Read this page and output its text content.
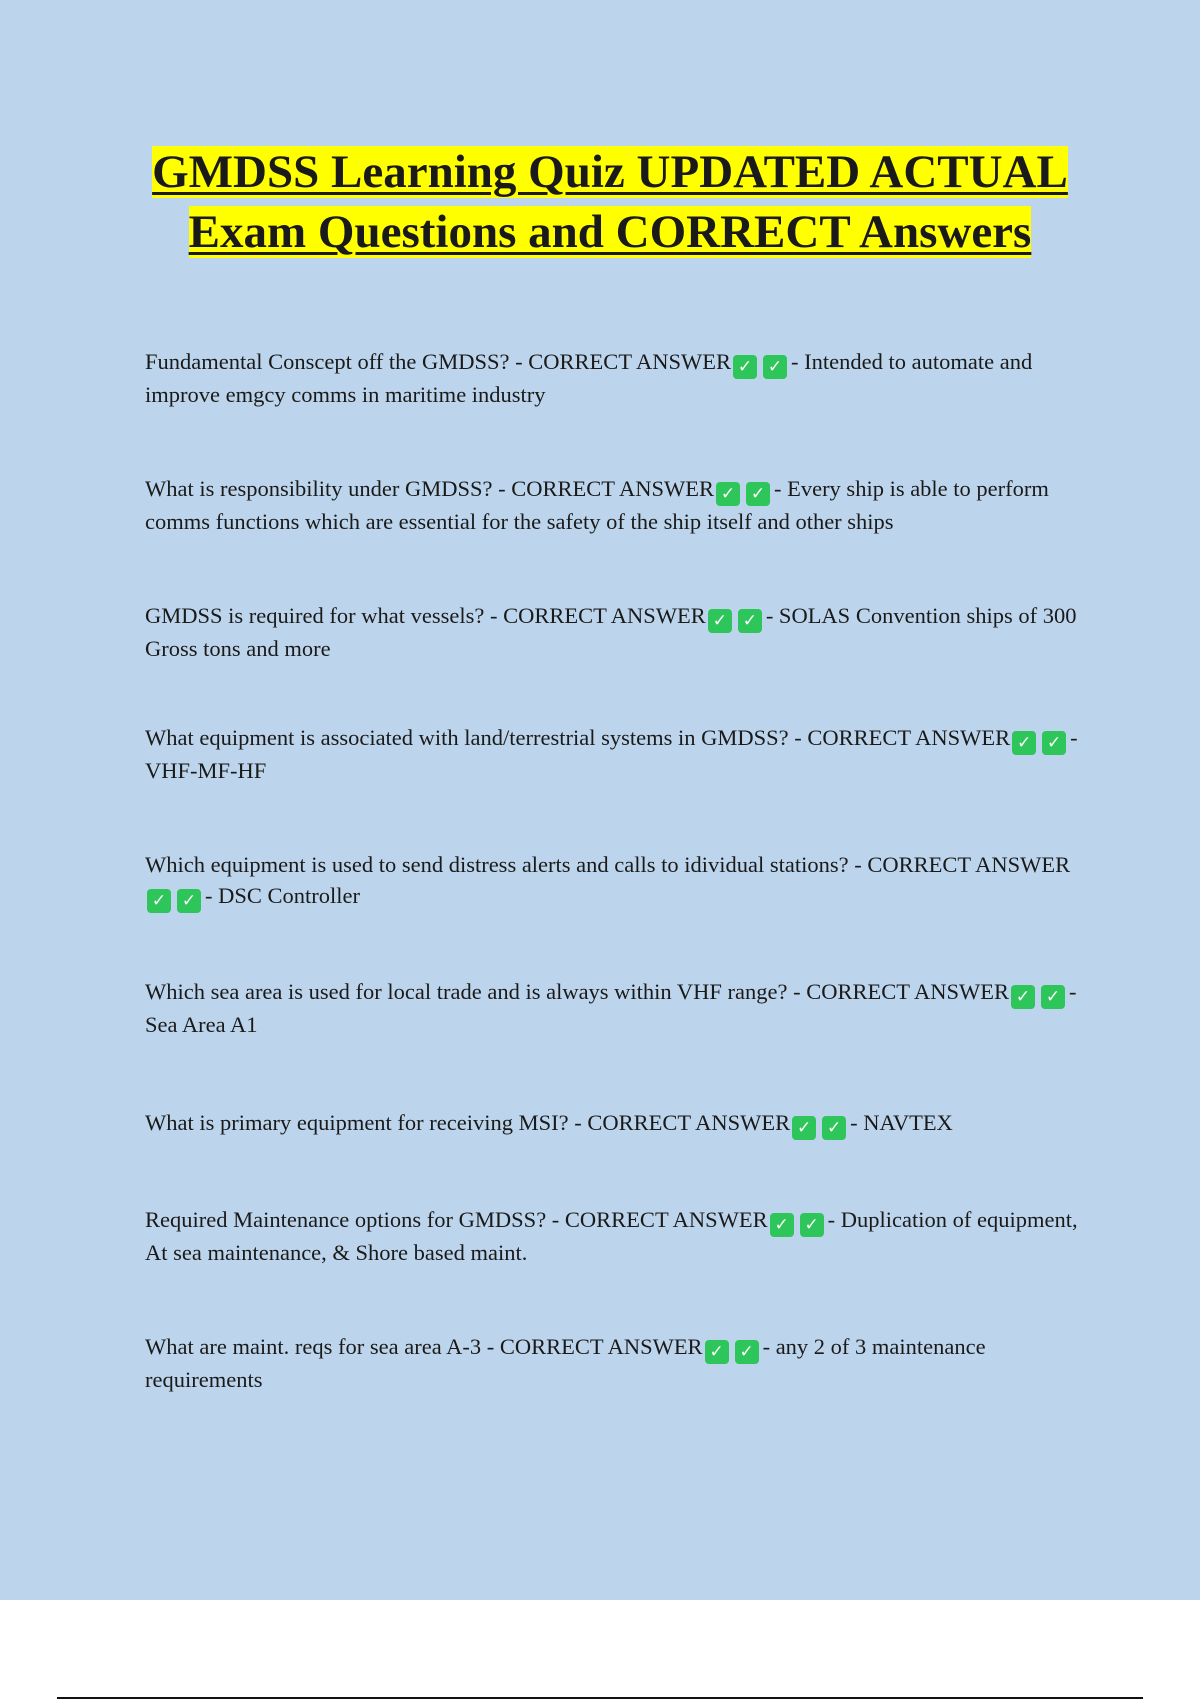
GMDSS Learning Quiz UPDATED ACTUAL Exam Questions and CORRECT Answers

Fundamental Conscept off the GMDSS? - CORRECT ANSWER ✓ ✓ - Intended to automate and improve emgcy comms in maritime industry

What is responsibility under GMDSS? - CORRECT ANSWER ✓ ✓ - Every ship is able to perform comms functions which are essential for the safety of the ship itself and other ships

GMDSS is required for what vessels? - CORRECT ANSWER ✓ ✓ - SOLAS Convention ships of 300 Gross tons and more

What equipment is associated with land/terrestrial systems in GMDSS? - CORRECT ANSWER ✓ ✓ - VHF-MF-HF

Which equipment is used to send distress alerts and calls to idividual stations? - CORRECT ANSWER✓ ✓ - DSC Controller

Which sea area is used for local trade and is always within VHF range? - CORRECT ANSWER ✓ ✓ - Sea Area A1

What is primary equipment for receiving MSI? - CORRECT ANSWER ✓ ✓ - NAVTEX

Required Maintenance options for GMDSS? - CORRECT ANSWER ✓ ✓ - Duplication of equipment, At sea maintenance, & Shore based maint.

What are maint. reqs for sea area A-3 - CORRECT ANSWER ✓ ✓ - any 2 of 3 maintenance requirements
